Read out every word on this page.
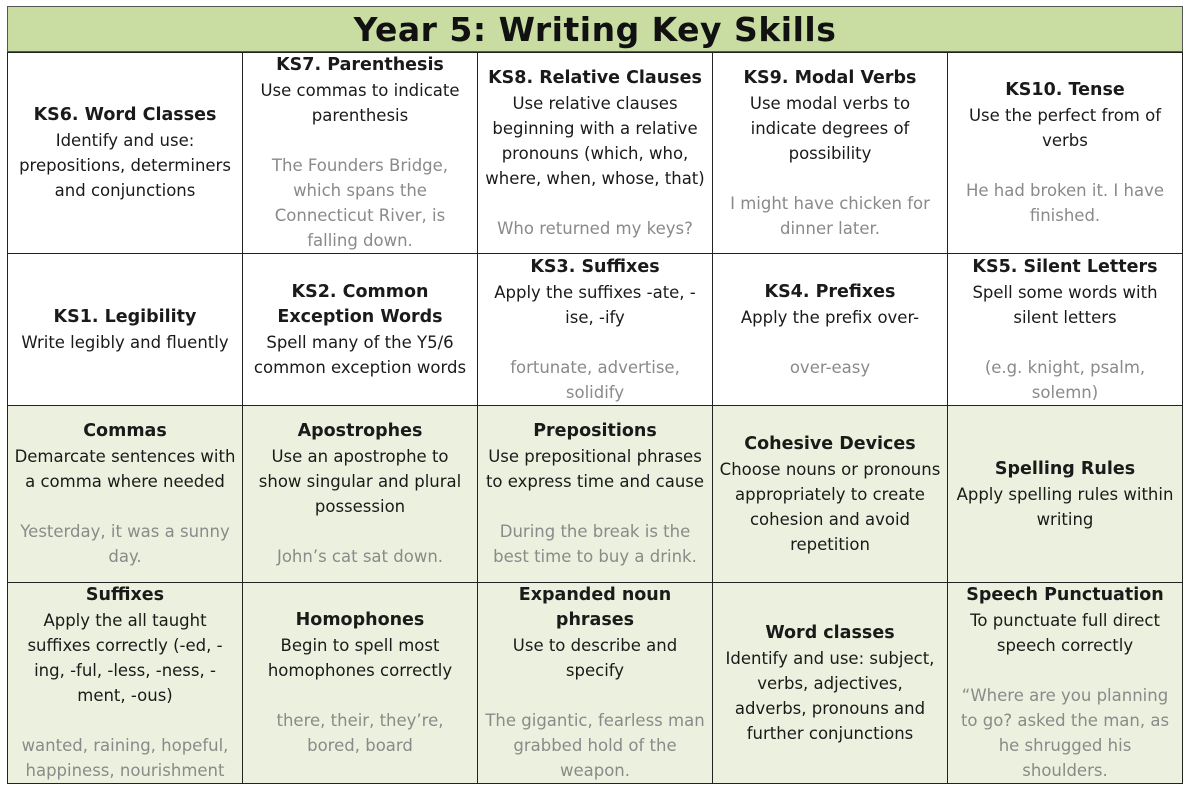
Year 5: Writing Key Skills
KS6. Word Classes
Identify and use: prepositions, determiners and conjunctions	KS7. Parenthesis
Use commas to indicate parenthesis
The Founders Bridge, which spans the Connecticut River, is falling down.	KS8. Relative Clauses
Use relative clauses beginning with a relative pronouns (which, who, where, when, whose, that)
Who returned my keys?	KS9. Modal Verbs
Use modal verbs to indicate degrees of possibility
I might have chicken for dinner later.	KS10. Tense
Use the perfect from of verbs
He had broken it. I have finished.

KS1. Legibility
Write legibly and fluently	KS2. Common Exception Words
Spell many of the Y5/6 common exception words	KS3. Suffixes
Apply the suffixes -ate, -ise, -ify
fortunate, advertise, solidify	KS4. Prefixes
Apply the prefix over-
over-easy	KS5. Silent Letters
Spell some words with silent letters
(e.g. knight, psalm, solemn)

Commas
Demarcate sentences with a comma where needed
Yesterday, it was a sunny day.	Apostrophes
Use an apostrophe to show singular and plural possession
John’s cat sat down.	Prepositions
Use prepositional phrases to express time and cause
During the break is the best time to buy a drink.	Cohesive Devices
Choose nouns or pronouns appropriately to create cohesion and avoid repetition	Spelling Rules
Apply spelling rules within writing

Suffixes
Apply the all taught suffixes correctly (-ed, -ing, -ful, -less, -ness, -ment, -ous)
wanted, raining, hopeful, happiness, nourishment	Homophones
Begin to spell most homophones correctly
there, their, they’re, bored, board	Expanded noun phrases
Use to describe and specify
The gigantic, fearless man grabbed hold of the weapon.	Word classes
Identify and use: subject, verbs, adjectives, adverbs, pronouns and further conjunctions	Speech Punctuation
To punctuate full direct speech correctly
“Where are you planning to go? asked the man, as he shrugged his shoulders.
